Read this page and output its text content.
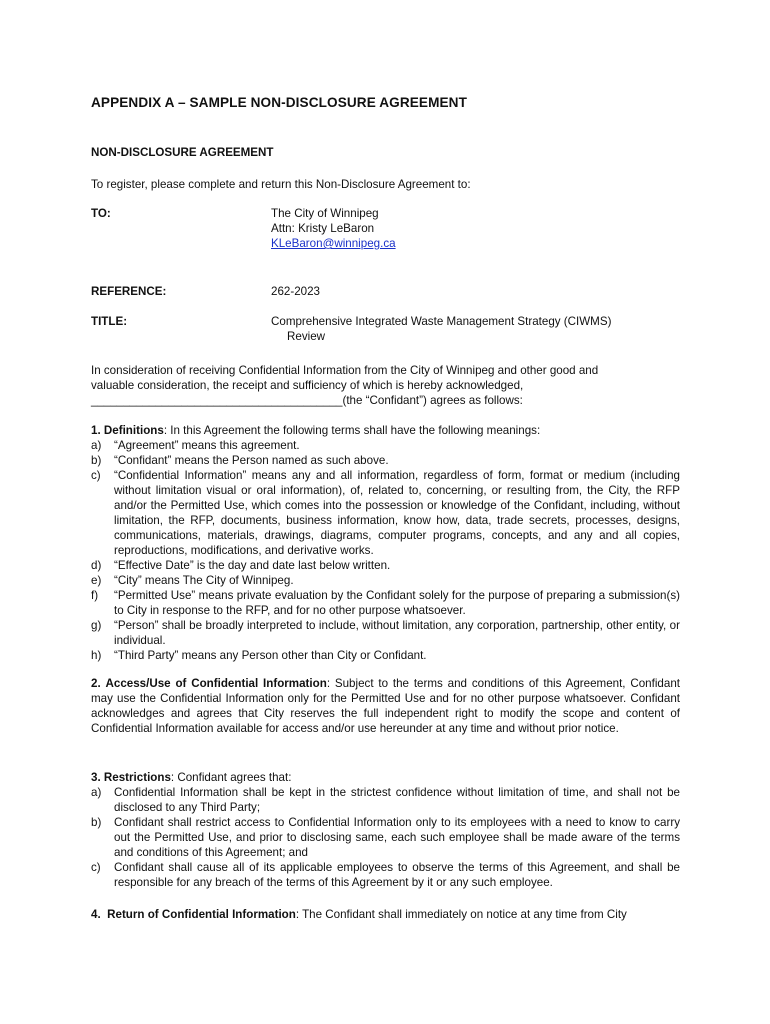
APPENDIX A – SAMPLE NON-DISCLOSURE AGREEMENT
NON-DISCLOSURE AGREEMENT
To register, please complete and return this Non-Disclosure Agreement to:
TO:	The City of Winnipeg
Attn: Kristy LeBaron
KLeBaron@winnipeg.ca
REFERENCE:	262-2023
TITLE:	Comprehensive Integrated Waste Management Strategy (CIWMS)
Review
In consideration of receiving Confidential Information from the City of Winnipeg and other good and
valuable consideration, the receipt and sufficiency of which is hereby acknowledged,
_______________________________________(the “Confidant”) agrees as follows:
1. Definitions: In this Agreement the following terms shall have the following meanings:
a) “Agreement” means this agreement.
b) “Confidant” means the Person named as such above.
c) “Confidential Information” means any and all information, regardless of form, format or medium (including without limitation visual or oral information), of, related to, concerning, or resulting from, the City, the RFP and/or the Permitted Use, which comes into the possession or knowledge of the Confidant, including, without limitation, the RFP, documents, business information, know how, data, trade secrets, processes, designs, communications, materials, drawings, diagrams, computer programs, concepts, and any and all copies, reproductions, modifications, and derivative works.
d) “Effective Date” is the day and date last below written.
e) “City” means The City of Winnipeg.
f) “Permitted Use” means private evaluation by the Confidant solely for the purpose of preparing a submission(s) to City in response to the RFP, and for no other purpose whatsoever.
g) “Person” shall be broadly interpreted to include, without limitation, any corporation, partnership, other entity, or individual.
h) “Third Party” means any Person other than City or Confidant.
2. Access/Use of Confidential Information: Subject to the terms and conditions of this Agreement, Confidant may use the Confidential Information only for the Permitted Use and for no other purpose whatsoever. Confidant acknowledges and agrees that City reserves the full independent right to modify the scope and content of Confidential Information available for access and/or use hereunder at any time and without prior notice.
3. Restrictions: Confidant agrees that:
a) Confidential Information shall be kept in the strictest confidence without limitation of time, and shall not be disclosed to any Third Party;
b) Confidant shall restrict access to Confidential Information only to its employees with a need to know to carry out the Permitted Use, and prior to disclosing same, each such employee shall be made aware of the terms and conditions of this Agreement; and
c) Confidant shall cause all of its applicable employees to observe the terms of this Agreement, and shall be responsible for any breach of the terms of this Agreement by it or any such employee.
4. Return of Confidential Information: The Confidant shall immediately on notice at any time from City
